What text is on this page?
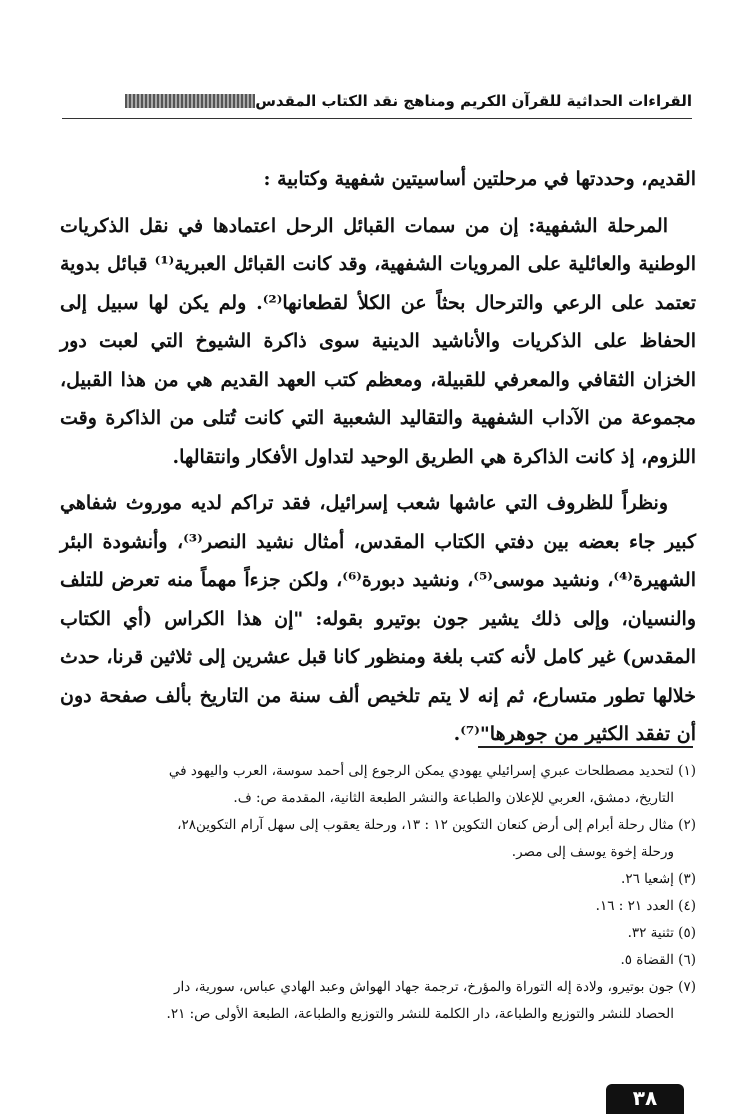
القراءات الحداثية للقرآن الكريم ومناهج نقد الكتاب المقدس

القديم، وحددتها في مرحلتين أساسيتين شفهية وكتابية :

المرحلة الشفهية: إن من سمات القبائل الرحل اعتمادها في نقل الذكريات الوطنية والعائلية على المرويات الشفهية، وقد كانت القبائل العبرية⁽¹⁾ قبائل بدوية تعتمد على الرعي والترحال بحثاً عن الكلأ لقطعانها⁽²⁾. ولم يكن لها سبيل إلى الحفاظ على الذكريات والأناشيد الدينية سوى ذاكرة الشيوخ التي لعبت دور الخزان الثقافي والمعرفي للقبيلة، ومعظم كتب العهد القديم هي من هذا القبيل، مجموعة من الآداب الشفهية والتقاليد الشعبية التي كانت تُتلى من الذاكرة وقت اللزوم، إذ كانت الذاكرة هي الطريق الوحيد لتداول الأفكار وانتقالها.

ونظراً للظروف التي عاشها شعب إسرائيل، فقد تراكم لديه موروث شفاهي كبير جاء بعضه بين دفتي الكتاب المقدس، أمثال نشيد النصر⁽³⁾، وأنشودة البئر الشهيرة⁽⁴⁾، ونشيد موسى⁽⁵⁾، ونشيد دبورة⁽⁶⁾، ولكن جزءاً مهماً منه تعرض للتلف والنسيان، وإلى ذلك يشير جون بوتيرو بقوله: "إن هذا الكراس (أي الكتاب المقدس) غير كامل لأنه كتب بلغة ومنظور كانا قبل عشرين إلى ثلاثين قرنا، حدث خلالها تطور متسارع، ثم إنه لا يتم تلخيص ألف سنة من التاريخ بألف صفحة دون أن تفقد الكثير من جوهرها"⁽⁷⁾.

(١) لتحديد مصطلحات عبري إسرائيلي يهودي يمكن الرجوع إلى أحمد سوسة، العرب واليهود في
التاريخ، دمشق، العربي للإعلان والطباعة والنشر الطبعة الثانية، المقدمة ص: ف.
(٢) مثال رحلة أبرام إلى أرض كنعان التكوين ١٢ : ١٣، ورحلة يعقوب إلى سهل آرام التكوين٢٨،
ورحلة إخوة يوسف إلى مصر.
(٣) إشعيا ٢٦.
(٤) العدد ٢١ : ١٦.
(٥) تثنية ٣٢.
(٦) القضاة ٥.
(٧) جون بوتيرو، ولادة إله التوراة والمؤرخ، ترجمة جهاد الهواش وعبد الهادي عباس، سورية، دار
الحصاد للنشر والتوزيع والطباعة، دار الكلمة للنشر والتوزيع والطباعة، الطبعة الأولى ص: ٢١.
٣٨
